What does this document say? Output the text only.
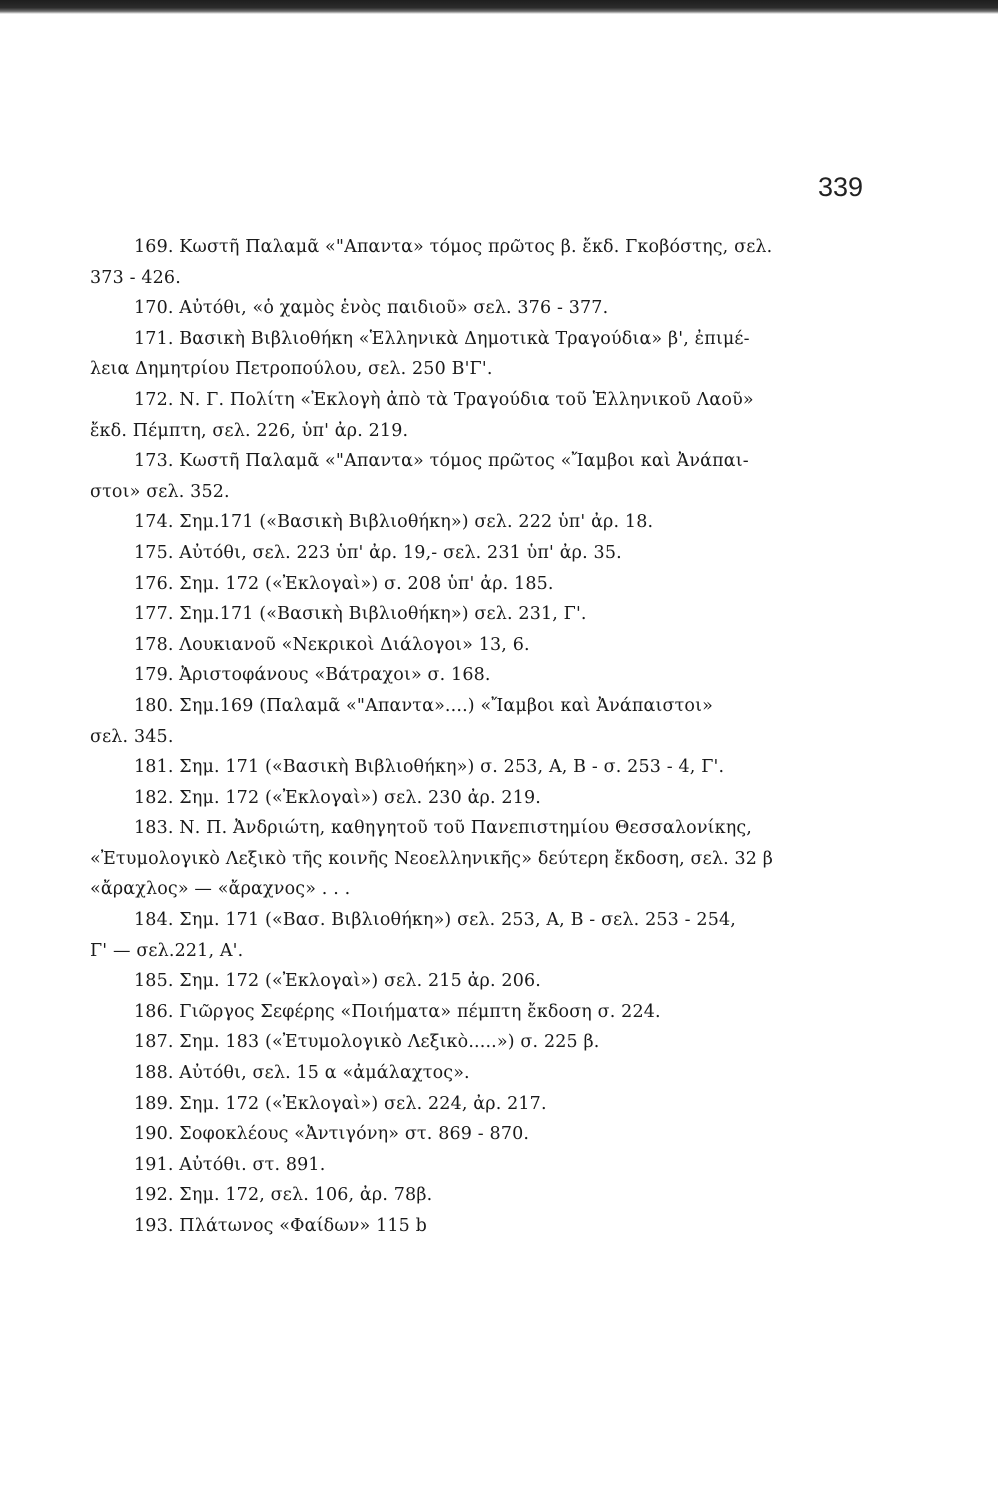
339
169. Κωστῆ Παλαμᾶ «"Απαντα» τόμος πρῶτος β. ἔκδ. Γκοβόστης, σελ.
373 - 426.
170. Αὐτόθι, «ὁ χαμὸς ἑνὸς παιδιοῦ» σελ. 376 - 377.
171. Βασικὴ Βιβλιοθήκη «Ἑλληνικὰ Δημοτικὰ Τραγούδια» β', ἐπιμέ-
λεια Δημητρίου Πετροπούλου, σελ. 250 Β'Γ'.
172. Ν. Γ. Πολίτη «Ἐκλογὴ ἀπὸ τὰ Τραγούδια τοῦ Ἑλληνικοῦ Λαοῦ»
ἔκδ. Πέμπτη, σελ. 226, ὑπ' ἀρ. 219.
173. Κωστῆ Παλαμᾶ «"Απαντα» τόμος πρῶτος «Ἴαμβοι καὶ Ἀνάπαι-
στοι» σελ. 352.
174. Σημ.171 («Βασικὴ Βιβλιοθήκη») σελ. 222 ὑπ' ἀρ. 18.
175. Αὐτόθι, σελ. 223 ὑπ' ἀρ. 19,- σελ. 231 ὑπ' ἀρ. 35.
176. Σημ. 172 («Ἐκλογαὶ») σ. 208 ὑπ' ἀρ. 185.
177. Σημ.171 («Βασικὴ Βιβλιοθήκη») σελ. 231, Γ'.
178. Λουκιανοῦ «Νεκρικοὶ Διάλογοι» 13, 6.
179. Ἀριστοφάνους «Βάτραχοι» σ. 168.
180. Σημ.169 (Παλαμᾶ «"Απαντα»....) «Ἴαμβοι καὶ Ἀνάπαιστοι»
σελ. 345.
181. Σημ. 171 («Βασικὴ Βιβλιοθήκη») σ. 253, Α, Β - σ. 253 - 4, Γ'.
182. Σημ. 172 («Ἐκλογαὶ») σελ. 230 ἀρ. 219.
183. Ν. Π. Ἀνδριώτη, καθηγητοῦ τοῦ Πανεπιστημίου Θεσσαλονίκης,
«Ἐτυμολογικὸ Λεξικὸ τῆς κοινῆς Νεοελληνικῆς» δεύτερη ἔκδοση, σελ. 32 β
«ἄραχλος» — «ἄραχνος» . . .
184. Σημ. 171 («Βασ. Βιβλιοθήκη») σελ. 253, Α, Β - σελ. 253 - 254,
Γ' — σελ.221, Α'.
185. Σημ. 172 («Ἐκλογαὶ») σελ. 215 ἀρ. 206.
186. Γιῶργος Σεφέρης «Ποιήματα» πέμπτη ἔκδοση σ. 224.
187. Σημ. 183 («Ἐτυμολογικὸ Λεξικὸ.....») σ. 225 β.
188. Αὐτόθι, σελ. 15 α «ἀμάλαχτος».
189. Σημ. 172 («Ἐκλογαὶ») σελ. 224, ἀρ. 217.
190. Σοφοκλέους «Ἀντιγόνη» στ. 869 - 870.
191. Αὐτόθι. στ. 891.
192. Σημ. 172, σελ. 106, ἀρ. 78β.
193. Πλάτωνος «Φαίδων» 115 b
